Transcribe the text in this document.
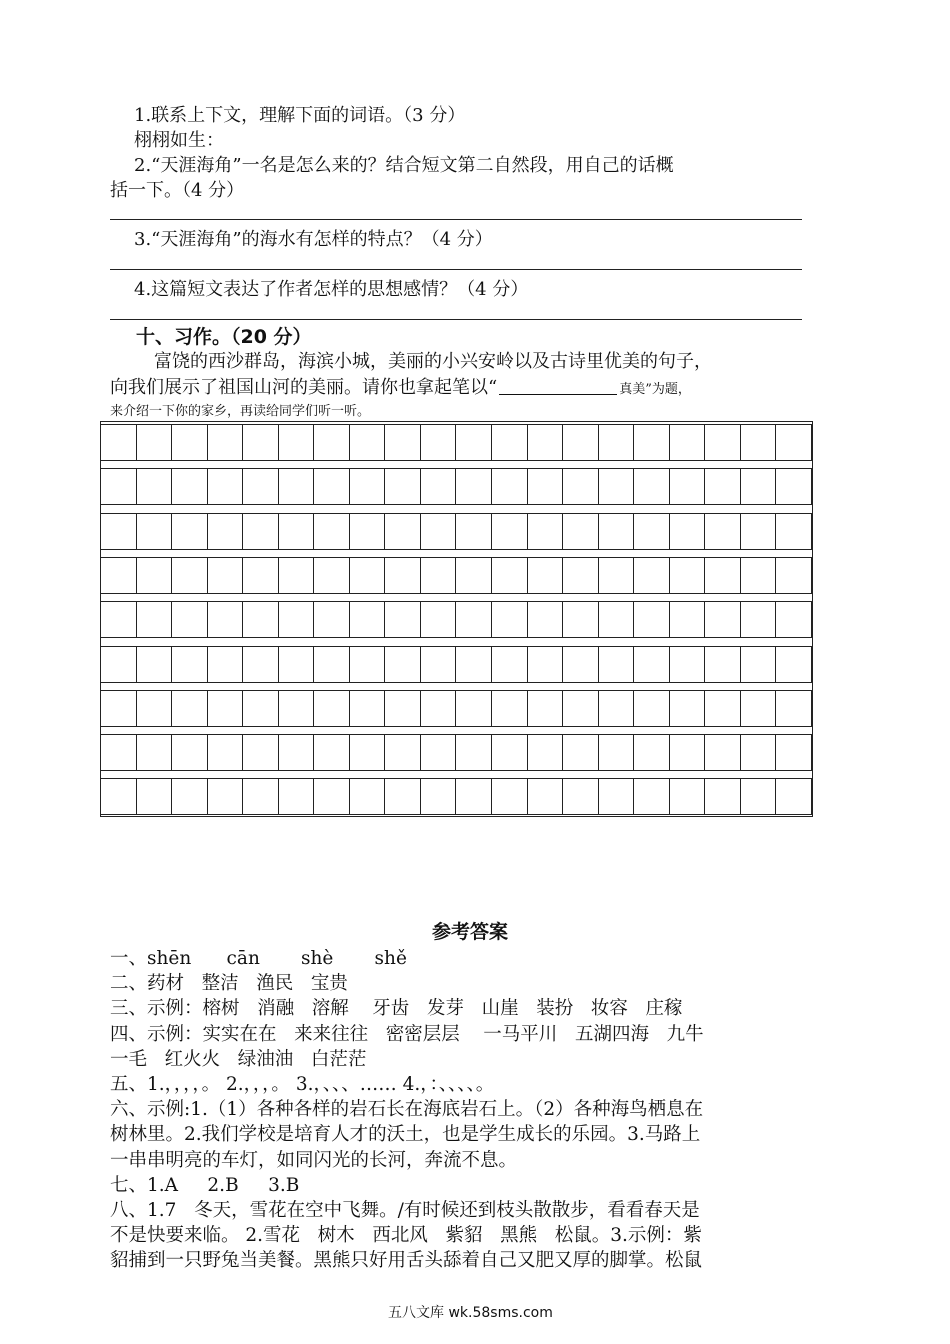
1.联系上下文，理解下面的词语。（3 分）
栩栩如生：
2.“天涯海角”一名是怎么来的？结合短文第二自然段，用自己的话概
括一下。（4 分）
3.“天涯海角”的海水有怎样的特点？（4 分）
4.这篇短文表达了作者怎样的思想感情？（4 分）
十、习作。（20 分）
富饶的西沙群岛，海滨小城，美丽的小兴安岭以及古诗里优美的句子，
向我们展示了祖国山河的美丽。请你也拿起笔以“	真美”为题，
来介绍一下你的家乡，再读给同学们听一听。
参考答案
一、shēn      cān       shè       shě
二、药材   整洁   渔民   宝贵
三、示例：榕树   消融   溶解    牙齿   发芽   山崖   装扮   妆容   庄稼
四、示例：实实在在   来来往往   密密层层    一马平川   五湖四海   九牛
一毛   红火火   绿油油   白茫茫
五、1.，，，，。 2.，，，。 3.，、、、…… 4.，：、、、、。
六、示例:1.（1）各种各样的岩石长在海底岩石上。（2）各种海鸟栖息在
树林里。2.我们学校是培育人才的沃土，也是学生成长的乐园。3.马路上
一串串明亮的车灯，如同闪光的长河，奔流不息。
七、1.A     2.B     3.B
八、1.7   冬天，雪花在空中飞舞。/有时候还到枝头散散步，看看春天是
不是快要来临。 2.雪花   树木   西北风   紫貂   黑熊   松鼠。3.示例：紫
貂捕到一只野兔当美餐。黑熊只好用舌头舔着自己又肥又厚的脚掌。松鼠
五八文库 wk.58sms.com
